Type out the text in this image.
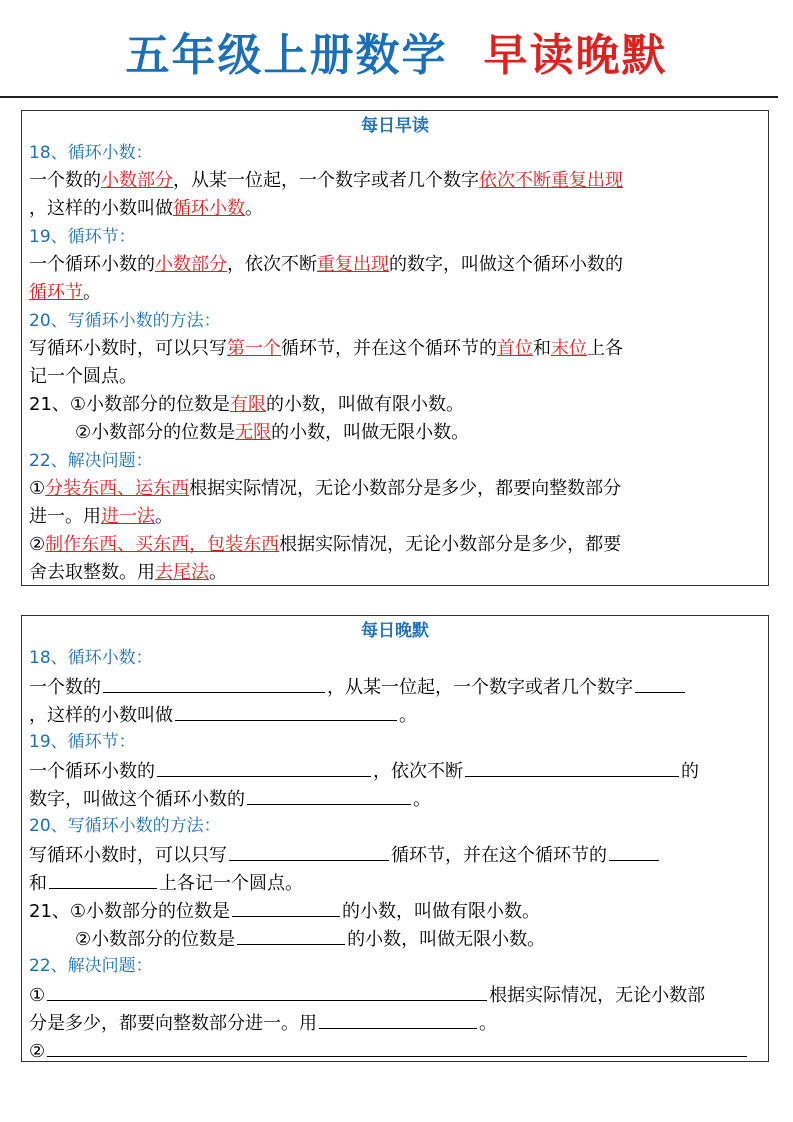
五年级上册数学 早读晚默
每日早读
18、循环小数：
一个数的小数部分，从某一位起，一个数字或者几个数字依次不断重复出现
，这样的小数叫做循环小数。
19、循环节：
一个循环小数的小数部分，依次不断重复出现的数字，叫做这个循环小数的
循环节。
20、写循环小数的方法：
写循环小数时，可以只写第一个循环节，并在这个循环节的首位和末位上各
记一个圆点。
21、①小数部分的位数是有限的小数，叫做有限小数。
②小数部分的位数是无限的小数，叫做无限小数。
22、解决问题：
①分装东西、运东西根据实际情况，无论小数部分是多少，都要向整数部分
进一。用进一法。
②制作东西、买东西，包装东西根据实际情况，无论小数部分是多少，都要
舍去取整数。用去尾法。
每日晚默
18、循环小数：
一个数的	，从某一位起，一个数字或者几个数字
，这样的小数叫做	。
19、循环节：
一个循环小数的	，依次不断	的
数字，叫做这个循环小数的	。
20、写循环小数的方法：
写循环小数时，可以只写	循环节，并在这个循环节的
和	上各记一个圆点。
21、①小数部分的位数是	的小数，叫做有限小数。
②小数部分的位数是	的小数，叫做无限小数。
22、解决问题：
①	根据实际情况，无论小数部
分是多少，都要向整数部分进一。用	。
②
